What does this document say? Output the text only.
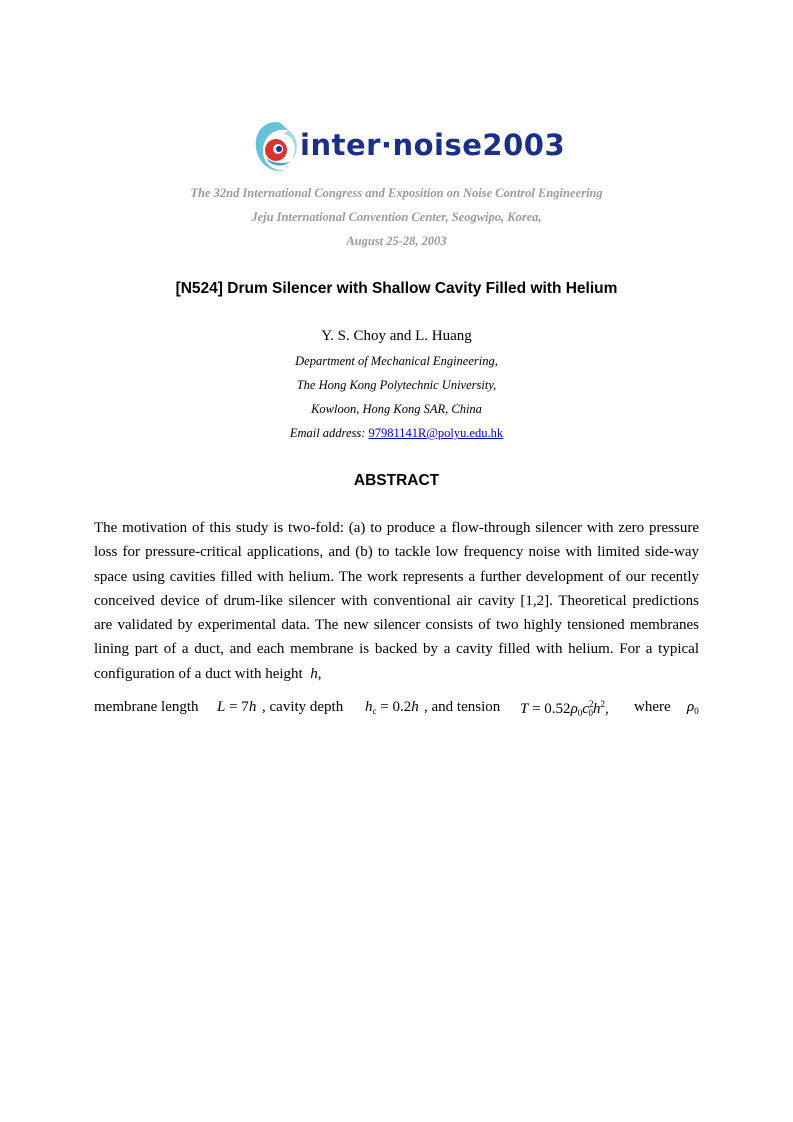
inter·noise2003
The 32nd International Congress and Exposition on Noise Control Engineering
Jeju International Convention Center, Seogwipo, Korea,
August 25-28, 2003
[N524] Drum Silencer with Shallow Cavity Filled with Helium
Y. S. Choy and L. Huang
Department of Mechanical Engineering,
The Hong Kong Polytechnic University,
Kowloon, Hong Kong SAR, China
Email address: 97981141R@polyu.edu.hk
ABSTRACT

The motivation of this study is two-fold: (a) to produce a flow-through silencer with zero pressure loss for pressure-critical applications, and (b) to tackle low frequency noise with limited side-way space using cavities filled with helium. The work represents a further development of our recently conceived device of drum-like silencer with conventional air cavity [1,2]. Theoretical predictions are validated by experimental data. The new silencer consists of two highly tensioned membranes lining part of a duct, and each membrane is backed by a cavity filled with helium. For a typical configuration of a duct with height h,

membrane length L = 7h , cavity depth $h_c = 0.2h$ , and tension $T = 0.52\rho_0c^2_0h^2$, where $\rho_0$
